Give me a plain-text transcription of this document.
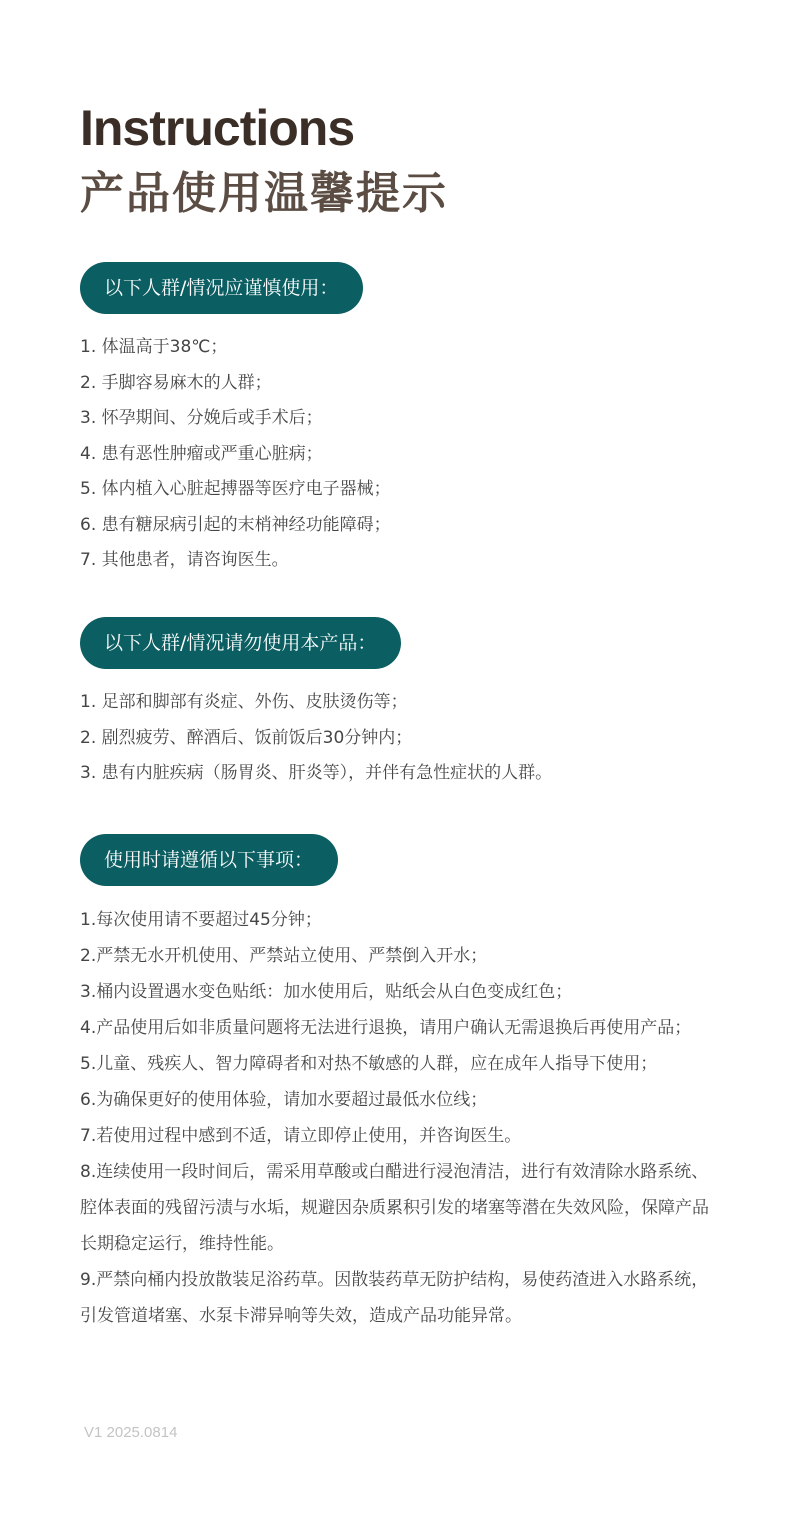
Instructions
产品使用温馨提示
以下人群/情况应谨慎使用：
1. 体温高于38℃；
2. 手脚容易麻木的人群；
3. 怀孕期间、分娩后或手术后；
4. 患有恶性肿瘤或严重心脏病；
5. 体内植入心脏起搏器等医疗电子器械；
6. 患有糖尿病引起的末梢神经功能障碍；
7. 其他患者，请咨询医生。
以下人群/情况请勿使用本产品：
1. 足部和脚部有炎症、外伤、皮肤烫伤等；
2. 剧烈疲劳、醉酒后、饭前饭后30分钟内；
3. 患有内脏疾病（肠胃炎、肝炎等），并伴有急性症状的人群。
使用时请遵循以下事项：
1.每次使用请不要超过45分钟；
2.严禁无水开机使用、严禁站立使用、严禁倒入开水；
3.桶内设置遇水变色贴纸：加水使用后，贴纸会从白色变成红色；
4.产品使用后如非质量问题将无法进行退换，请用户确认无需退换后再使用产品；
5.儿童、残疾人、智力障碍者和对热不敏感的人群，应在成年人指导下使用；
6.为确保更好的使用体验，请加水要超过最低水位线；
7.若使用过程中感到不适，请立即停止使用，并咨询医生。
8.连续使用一段时间后，需采用草酸或白醋进行浸泡清洁，进行有效清除水路系统、腔体表面的残留污渍与水垢，规避因杂质累积引发的堵塞等潜在失效风险，保障产品长期稳定运行，维持性能。
9.严禁向桶内投放散装足浴药草。因散装药草无防护结构，易使药渣进入水路系统，引发管道堵塞、水泵卡滞异响等失效，造成产品功能异常。
V1 2025.0814
